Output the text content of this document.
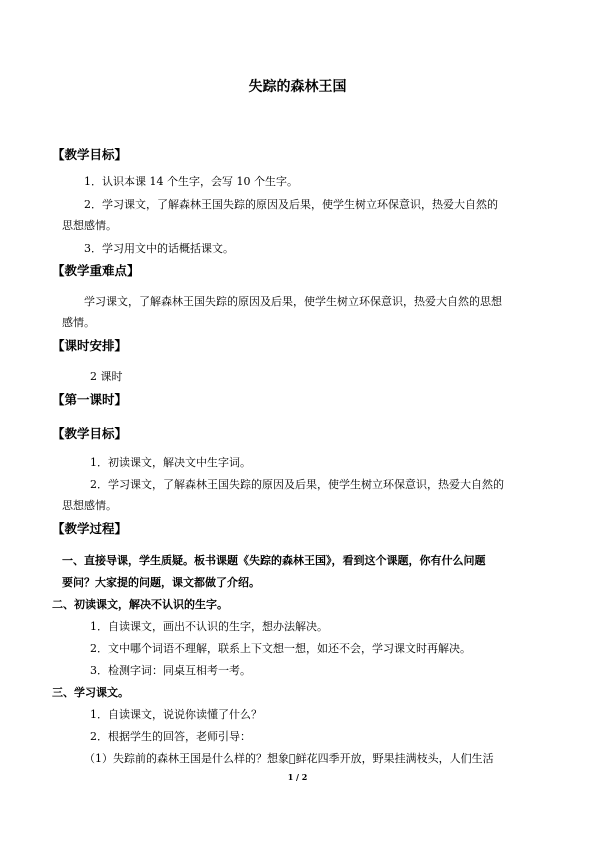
失踪的森林王国
【教学目标】
1．认识本课 14 个生字，会写 10 个生字。
2．学习课文，了解森林王国失踪的原因及后果，使学生树立环保意识，热爱大自然的
思想感情。
3．学习用文中的话概括课文。
【教学重难点】
学习课文，了解森林王国失踪的原因及后果，使学生树立环保意识，热爱大自然的思想
感情。
【课时安排】
2 课时
【第一课时】
【教学目标】
1．初读课文，解决文中生字词。
2．学习课文，了解森林王国失踪的原因及后果，使学生树立环保意识，热爱大自然的
思想感情。
【教学过程】
一、直接导课，学生质疑。板书课题《失踪的森林王国》，看到这个课题，你有什么问题
要问？大家提的问题，课文都做了介绍。
二、初读课文，解决不认识的生字。
1．自读课文，画出不认识的生字，想办法解决。
2．文中哪个词语不理解，联系上下文想一想，如还不会，学习课文时再解决。
3．检测字词：同桌互相考一考。
三、学习课文。
1．自读课文，说说你读懂了什么？
2．根据学生的回答，老师引导：
（1）失踪前的森林王国是什么样的？想象 鲜花四季开放，野果挂满枝头，人们生活
1 / 2
